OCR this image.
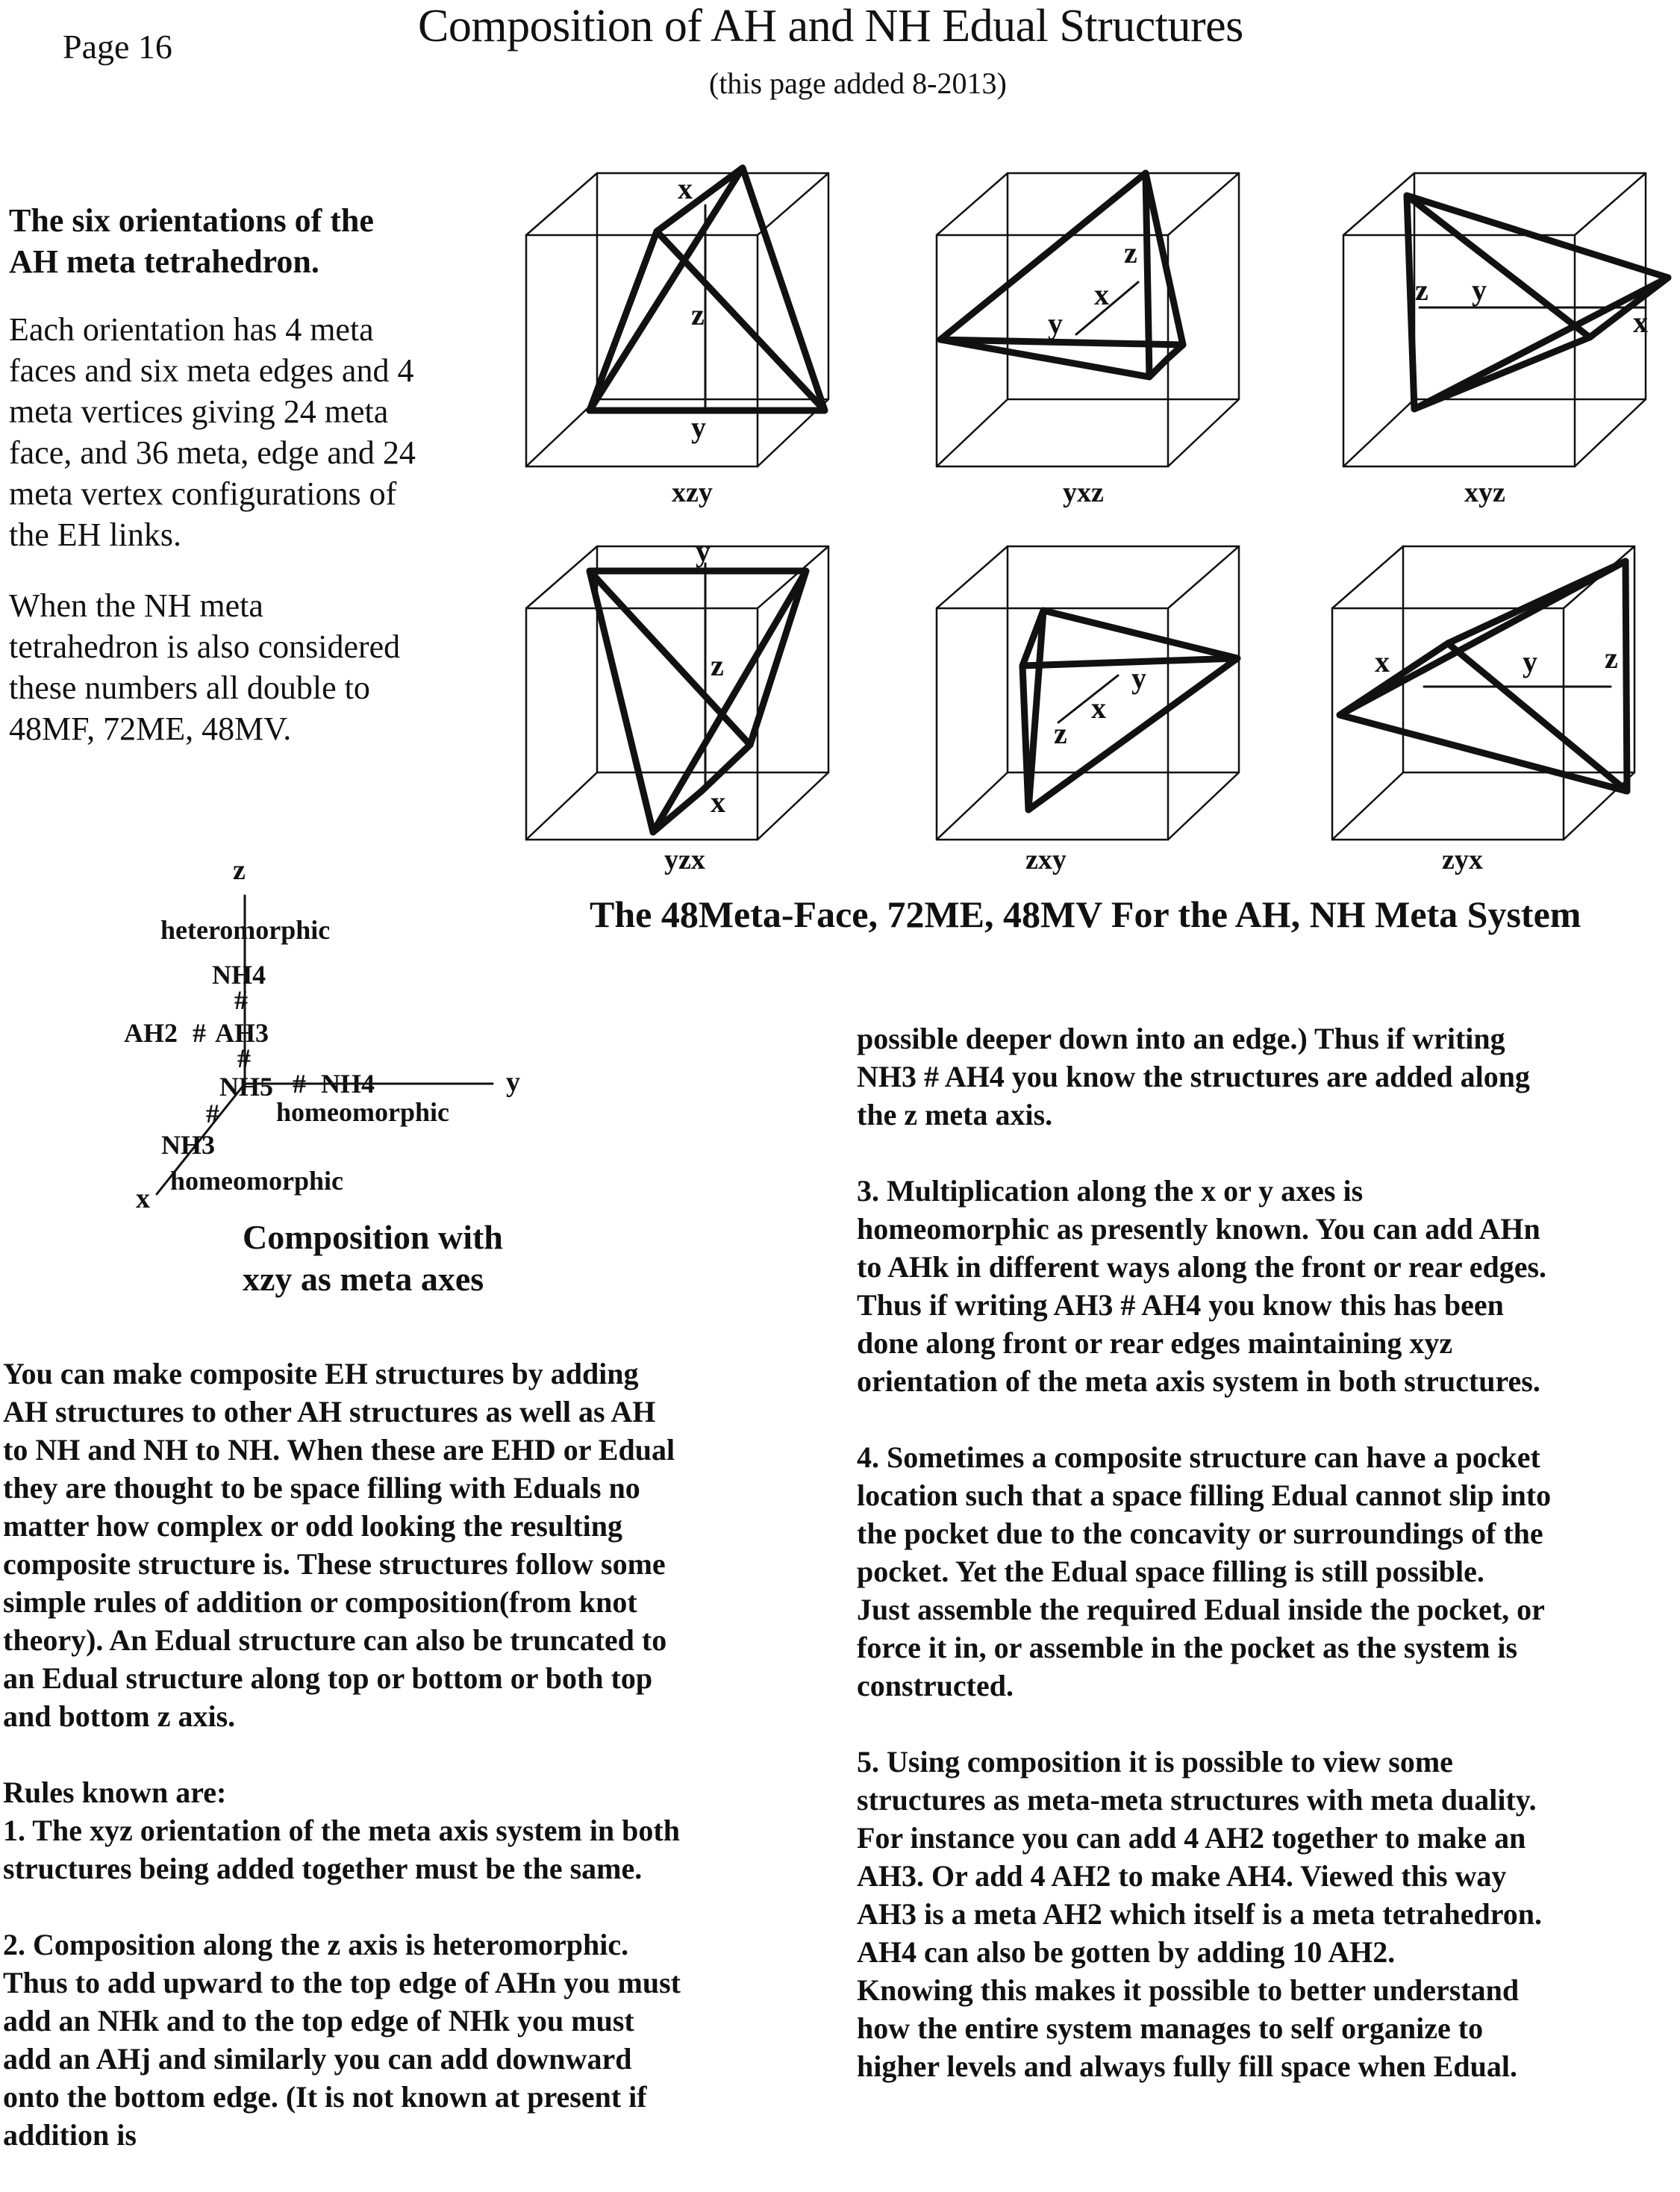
Page 16	Composition of AH and NH Edual Structures
(this page added 8-2013)

The six orientations of the
AH meta tetrahedron.

Each orientation has 4 meta
faces and six meta edges and 4
meta vertices giving 24 meta
face, and 36 meta, edge and 24
meta vertex configurations of
the EH links.

When the NH meta
tetrahedron is also considered
these numbers all double to
48MF, 72ME, 48MV.

x
z
y
z
x
y
z y
x
y
z
x
y
x
z
x	y z
xzy	yxz	xyz
yzx	zxy	zyx
z
y
x
heteromorphic
NH4
#
AH2 # AH3
#
NH5 # NH4
homeomorphic
#
NH3
homeomorphic
The 48Meta-Face, 72ME, 48MV For the AH, NH Meta System
Composition with
xzy as meta axes

You can make composite EH structures by adding
AH structures to other AH structures as well as AH
to NH and NH to NH. When these are EHD or Edual
they are thought to be space filling with Eduals no
matter how complex or odd looking the resulting
composite structure is. These structures follow some
simple rules of addition or composition(from knot
theory). An Edual structure can also be truncated to
an Edual structure along top or bottom or both top
and bottom z axis.

Rules known are:

1. The xyz orientation of the meta axis system in both
structures being added together must be the same.

2. Composition along the z axis is heteromorphic.
Thus to add upward to the top edge of AHn you must
add an NHk and to the top edge of NHk you must
add an AHj and similarly you can add downward
onto the bottom edge. (It is not known at present if
addition is

possible deeper down into an edge.) Thus if writing
NH3 # AH4 you know the structures are added along
the z meta axis.

3. Multiplication along the x or y axes is
homeomorphic as presently known. You can add AHn
to AHk in different ways along the front or rear edges.
Thus if writing AH3 # AH4 you know this has been
done along front or rear edges maintaining xyz
orientation of the meta axis system in both structures.

4. Sometimes a composite structure can have a pocket
location such that a space filling Edual cannot slip into
the pocket due to the concavity or surroundings of the
pocket. Yet the Edual space filling is still possible.
Just assemble the required Edual inside the pocket, or
force it in, or assemble in the pocket as the system is
constructed.

5. Using composition it is possible to view some
structures as meta-meta structures with meta duality.
For instance you can add 4 AH2 together to make an
AH3. Or add 4 AH2 to make AH4. Viewed this way
AH3 is a meta AH2 which itself is a meta tetrahedron.
AH4 can also be gotten by adding 10 AH2.
Knowing this makes it possible to better understand
how the entire system manages to self organize to
higher levels and always fully fill space when Edual.
